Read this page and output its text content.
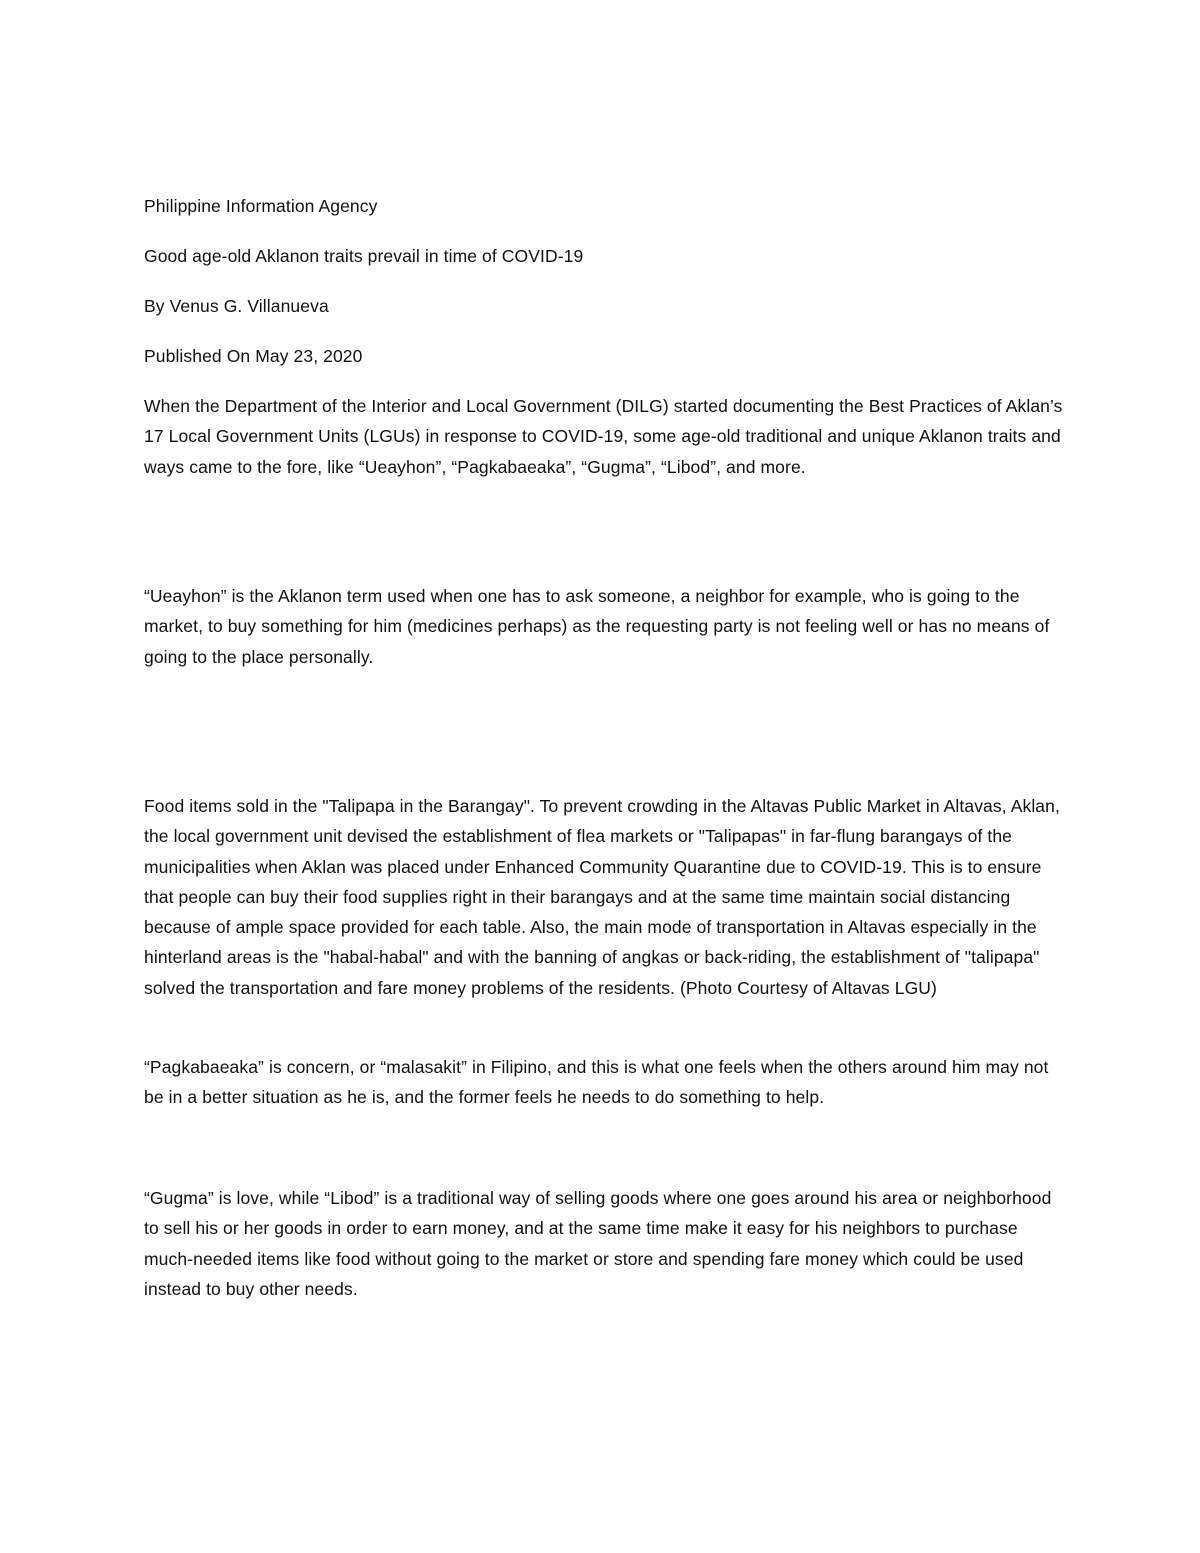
Philippine Information Agency

Good age-old Aklanon traits prevail in time of COVID-19

By Venus G. Villanueva

Published On May 23, 2020

When the Department of the Interior and Local Government (DILG) started documenting the Best Practices of Aklan’s 17 Local Government Units (LGUs) in response to COVID-19, some age-old traditional and unique Aklanon traits and ways came to the fore, like “Ueayhon”, “Pagkabaeaka”, “Gugma”, “Libod”, and more.

“Ueayhon” is the Aklanon term used when one has to ask someone, a neighbor for example, who is going to the market, to buy something for him (medicines perhaps) as the requesting party is not feeling well or has no means of going to the place personally.

Food items sold in the "Talipapa in the Barangay". To prevent crowding in the Altavas Public Market in Altavas, Aklan, the local government unit devised the establishment of flea markets or "Talipapas" in far-flung barangays of the municipalities when Aklan was placed under Enhanced Community Quarantine due to COVID-19. This is to ensure that people can buy their food supplies right in their barangays and at the same time maintain social distancing because of ample space provided for each table. Also, the main mode of transportation in Altavas especially in the hinterland areas is the "habal-habal" and with the banning of angkas or back-riding, the establishment of "talipapa" solved the transportation and fare money problems of the residents. (Photo Courtesy of Altavas LGU)

“Pagkabaeaka” is concern, or “malasakit” in Filipino, and this is what one feels when the others around him may not be in a better situation as he is, and the former feels he needs to do something to help.

“Gugma” is love, while “Libod” is a traditional way of selling goods where one goes around his area or neighborhood to sell his or her goods in order to earn money, and at the same time make it easy for his neighbors to purchase much-needed items like food without going to the market or store and spending fare money which could be used instead to buy other needs.
